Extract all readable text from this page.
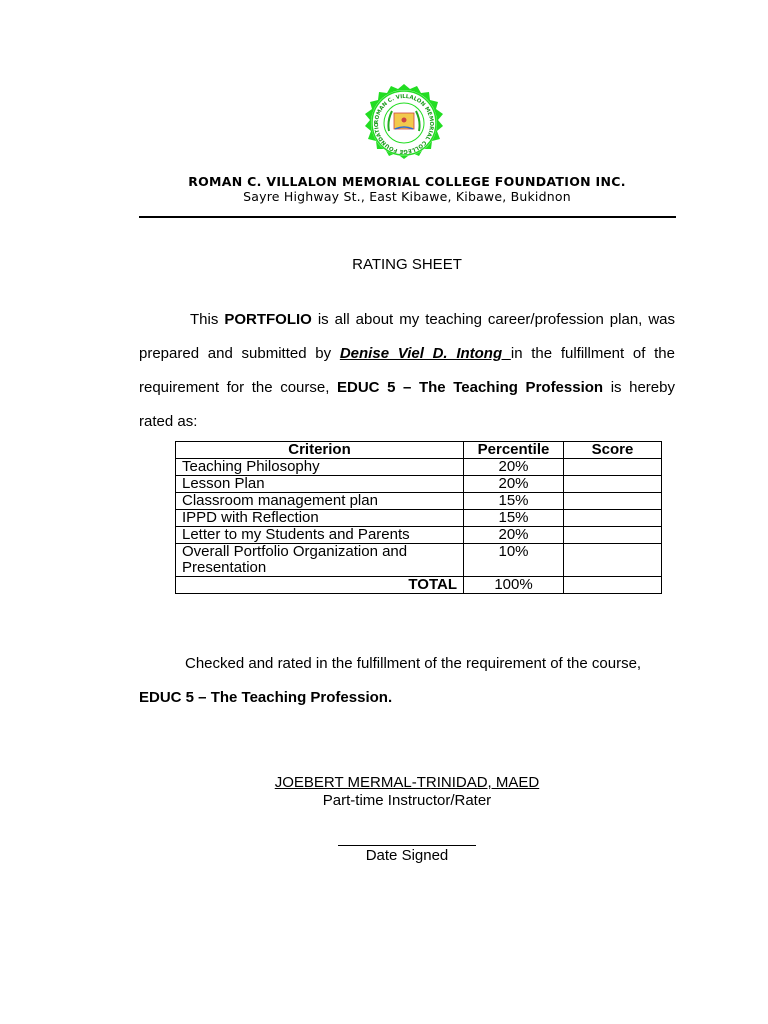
ROMAN C. VILLALON MEMORIAL COLLEGE FOUNDATIO
ROMAN C. VILLALON MEMORIAL COLLEGE FOUNDATION INC.
Sayre Highway St., East Kibawe, Kibawe, Bukidnon
RATING SHEET
This PORTFOLIO is all about my teaching career/profession plan, was prepared and submitted by Denise Viel D. Intong in the fulfillment of the requirement for the course, EDUC 5 – The Teaching Profession is hereby rated as:
Criterion	Percentile	Score
Teaching Philosophy	20%	
Lesson Plan	20%	
Classroom management plan	15%	
IPPD with Reflection	15%	
Letter to my Students and Parents	20%	
Overall Portfolio Organization and Presentation	10%	
TOTAL	100%	
Checked and rated in the fulfillment of the requirement of the course,
EDUC 5 – The Teaching Profession.
JOEBERT MERMAL-TRINIDAD, MAED
Part-time Instructor/Rater
Date Signed
